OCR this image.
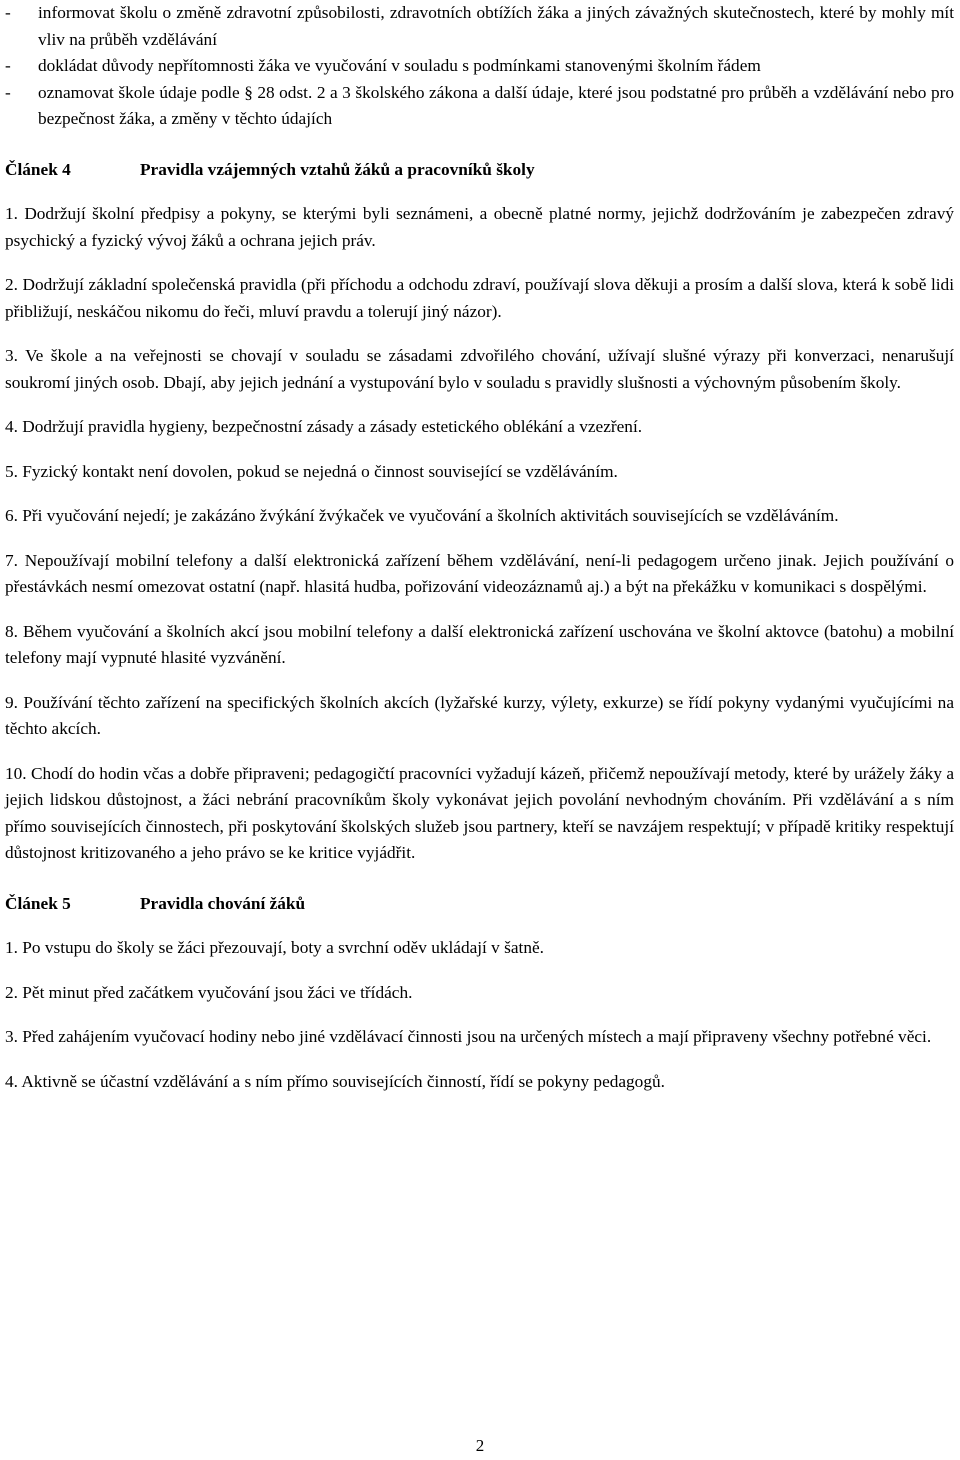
-	informovat školu o změně zdravotní způsobilosti, zdravotních obtížích žáka a jiných závažných skutečnostech, které by mohly mít vliv na průběh vzdělávání
-	dokládat důvody nepřítomnosti žáka ve vyučování v souladu s podmínkami stanovenými školním řádem
-	oznamovat škole údaje podle § 28 odst. 2 a 3 školského zákona a další údaje, které jsou podstatné pro průběh a vzdělávání nebo pro bezpečnost žáka, a změny v těchto údajích
Článek 4	Pravidla vzájemných vztahů žáků a pracovníků školy

1. Dodržují školní předpisy a pokyny, se kterými byli seznámeni, a obecně platné normy, jejichž dodržováním je zabezpečen zdravý psychický a fyzický vývoj žáků a ochrana jejich práv.

2. Dodržují základní společenská pravidla (při příchodu a odchodu zdraví, používají slova děkuji a prosím a další slova, která k sobě lidi přibližují, neskáčou nikomu do řeči, mluví pravdu a tolerují jiný názor).

3. Ve škole a na veřejnosti se chovají v souladu se zásadami zdvořilého chování, užívají slušné výrazy při konverzaci, nenarušují soukromí jiných osob. Dbají, aby jejich jednání a vystupování bylo v souladu s pravidly slušnosti a výchovným působením školy.

4. Dodržují pravidla hygieny, bezpečnostní zásady a zásady estetického oblékání a vzezření.

5. Fyzický kontakt není dovolen, pokud se nejedná o činnost související se vzděláváním.

6. Při vyučování nejedí; je zakázáno žvýkání žvýkaček ve vyučování a školních aktivitách souvisejících se vzděláváním.

7. Nepoužívají mobilní telefony a další elektronická zařízení během vzdělávání, není-li pedagogem určeno jinak. Jejich používání o přestávkách nesmí omezovat ostatní (např. hlasitá hudba, pořizování videozáznamů aj.) a být na překážku v komunikaci s dospělými.

8. Během vyučování a školních akcí jsou mobilní telefony a další elektronická zařízení uschována ve školní aktovce (batohu) a mobilní telefony mají vypnuté hlasité vyzvánění.

9. Používání těchto zařízení na specifických školních akcích (lyžařské kurzy, výlety, exkurze) se řídí pokyny vydanými vyučujícími na těchto akcích.

10. Chodí do hodin včas a dobře připraveni; pedagogičtí pracovníci vyžadují kázeň, přičemž nepoužívají metody, které by urážely žáky a jejich lidskou důstojnost, a žáci nebrání pracovníkům školy vykonávat jejich povolání nevhodným chováním. Při vzdělávání a s ním přímo souvisejících činnostech, při poskytování školských služeb jsou partnery, kteří se navzájem respektují; v případě kritiky respektují důstojnost kritizovaného a jeho právo se ke kritice vyjádřit.

Článek 5	Pravidla chování žáků

1. Po vstupu do školy se žáci přezouvají, boty a svrchní oděv ukládají v šatně.

2. Pět minut před začátkem vyučování jsou žáci ve třídách.

3. Před zahájením vyučovací hodiny nebo jiné vzdělávací činnosti jsou na určených místech a mají připraveny všechny potřebné věci.

4. Aktivně se účastní vzdělávání a s ním přímo souvisejících činností, řídí se pokyny pedagogů.

2
